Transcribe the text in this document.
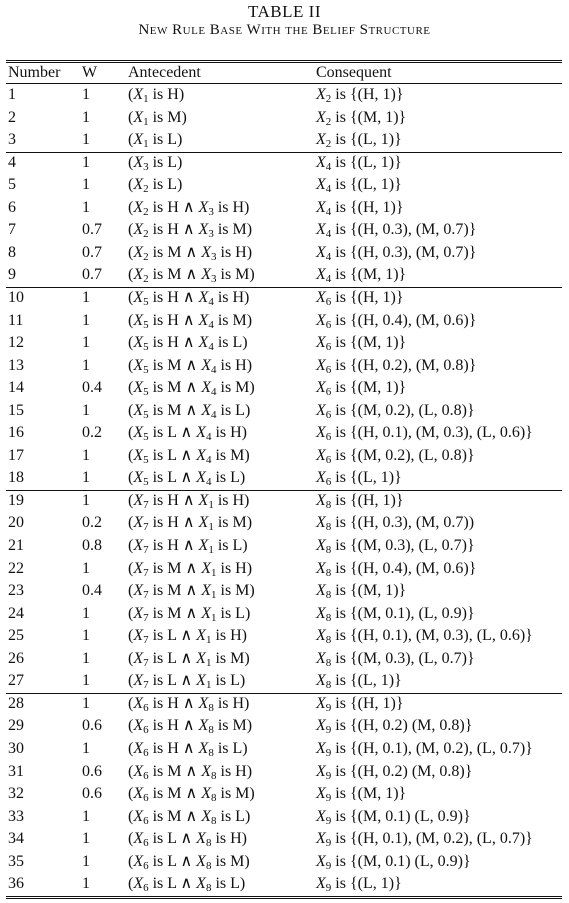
TABLE II
New Rule Base With the Belief Structure
Number W Antecedent	Consequent
1	1 ($X_1$ is H)	$X_2$ is {(H, 1)}
2	1 ($X_1$ is M)	$X_2$ is {(M, 1)}
3	1 ($X_1$ is L)	$X_2$ is {(L, 1)}
4	1 ($X_3$ is L)	$X_4$ is {(L, 1)}
5	1 ($X_2$ is L)	$X_4$ is {(L, 1)}
6	1 ($X_2$ is H ∧ $X_3$ is H)	$X_4$ is {(H, 1)}
7	0.7 ($X_2$ is H ∧ $X_3$ is M)	$X_4$ is {(H, 0.3), (M, 0.7)}
8	0.7 ($X_2$ is M ∧ $X_3$ is H)	$X_4$ is {(H, 0.3), (M, 0.7)}
9	0.7 ($X_2$ is M ∧ $X_3$ is M)	$X_4$ is {(M, 1)}
10	1 ($X_5$ is H ∧ $X_4$ is H)	$X_6$ is {(H, 1)}
11	1 ($X_5$ is H ∧ $X_4$ is M)	$X_6$ is {(H, 0.4), (M, 0.6)}
12	1 ($X_5$ is H ∧ $X_4$ is L)	$X_6$ is {(M, 1)}
13	1 ($X_5$ is M ∧ $X_4$ is H)	$X_6$ is {(H, 0.2), (M, 0.8)}
14	0.4 ($X_5$ is M ∧ $X_4$ is M)	$X_6$ is {(M, 1)}
15	1 ($X_5$ is M ∧ $X_4$ is L)	$X_6$ is {(M, 0.2), (L, 0.8)}
16	0.2 ($X_5$ is L ∧ $X_4$ is H)	$X_6$ is {(H, 0.1), (M, 0.3), (L, 0.6)}
17	1 ($X_5$ is L ∧ $X_4$ is M)	$X_6$ is {(M, 0.2), (L, 0.8)}
18	1 ($X_5$ is L ∧ $X_4$ is L)	$X_6$ is {(L, 1)}
19	1 ($X_7$ is H ∧ $X_1$ is H)	$X_8$ is {(H, 1)}
20	0.2 ($X_7$ is H ∧ $X_1$ is M)	$X_8$ is {(H, 0.3), (M, 0.7))
21	0.8 ($X_7$ is H ∧ $X_1$ is L)	$X_8$ is {(M, 0.3), (L, 0.7)}
22	1 ($X_7$ is M ∧ $X_1$ is H)	$X_8$ is {(H, 0.4), (M, 0.6)}
23	0.4 ($X_7$ is M ∧ $X_1$ is M)	$X_8$ is {(M, 1)}
24	1 ($X_7$ is M ∧ $X_1$ is L)	$X_8$ is {(M, 0.1), (L, 0.9)}
25	1 ($X_7$ is L ∧ $X_1$ is H)	$X_8$ is {(H, 0.1), (M, 0.3), (L, 0.6)}
26	1 ($X_7$ is L ∧ $X_1$ is M)	$X_8$ is {(M, 0.3), (L, 0.7)}
27	1 ($X_7$ is L ∧ $X_1$ is L)	$X_8$ is {(L, 1)}
28	1 ($X_6$ is H ∧ $X_8$ is H)	$X_9$ is {(H, 1)}
29	0.6 ($X_6$ is H ∧ $X_8$ is M)	$X_9$ is {(H, 0.2) (M, 0.8)}
30	1 ($X_6$ is H ∧ $X_8$ is L)	$X_9$ is {(H, 0.1), (M, 0.2), (L, 0.7)}
31	0.6 ($X_6$ is M ∧ $X_8$ is H)	$X_9$ is {(H, 0.2) (M, 0.8)}
32	0.6 ($X_6$ is M ∧ $X_8$ is M)	$X_9$ is {(M, 1)}
33	1 ($X_6$ is M ∧ $X_8$ is L)	$X_9$ is {(M, 0.1) (L, 0.9)}
34	1 ($X_6$ is L ∧ $X_8$ is H)	$X_9$ is {(H, 0.1), (M, 0.2), (L, 0.7)}
35	1 ($X_6$ is L ∧ $X_8$ is M)	$X_9$ is {(M, 0.1) (L, 0.9)}
36	1 ($X_6$ is L ∧ $X_8$ is L)	$X_9$ is {(L, 1)}
